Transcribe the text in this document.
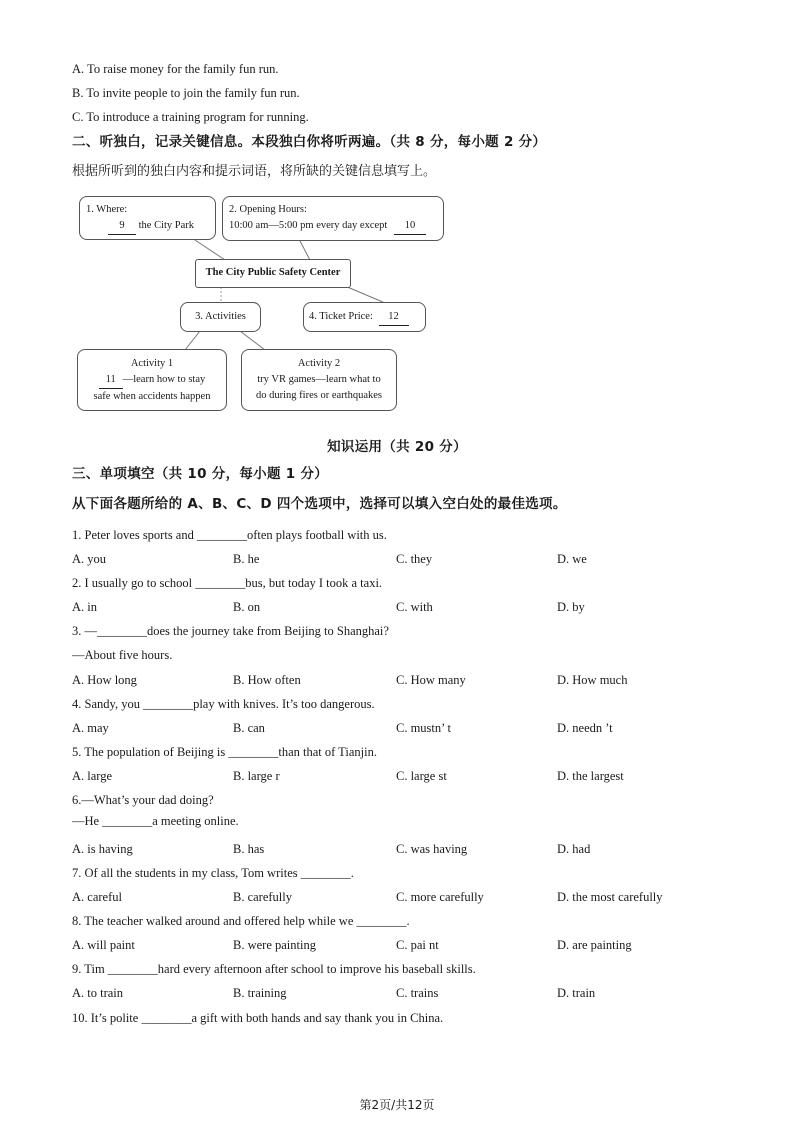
A. To raise money for the family fun run.
B. To invite people to join the family fun run.
C. To introduce a training program for running.
二、听独白，记录关键信息。本段独白你将听两遍。（共 8 分，每小题 2 分）
根据所听到的独白内容和提示词语，将所缺的关键信息填写上。
1. Where:
9 the City Park
2. Opening Hours:
10:00 am—5:00 pm every day except 10
The City Public Safety Center
3. Activities	4. Ticket Price: 12
Activity 1
11 —learn how to stay
safe when accidents happen
Activity 2
try VR games—learn what to
do during fires or earthquakes
知识运用（共 20 分）
三、单项填空（共 10 分，每小题 1 分）
从下面各题所给的 A、B、C、D 四个选项中，选择可以填入空白处的最佳选项。
1. Peter loves sports and ________often plays football with us.
A. you	B. he	C. they	D. we
2. I usually go to school ________bus, but today I took a taxi.
A. in	B. on	C. with	D. by
3. —________does the journey take from Beijing to Shanghai?
—About five hours.
A. How long	B. How often	C. How many	D. How much
4. Sandy, you ________play with knives. It’s too dangerous.
A. may	B. can	C. mustn’ t	D. needn ’t
5. The population of Beijing is ________than that of Tianjin.
A. large	B. large r	C. large st	D. the largest
6.—What’s your dad doing?
—He ________a meeting online.
A. is having	B. has	C. was having	D. had
7. Of all the students in my class, Tom writes ________.
A. careful	B. carefully	C. more carefully	D. the most carefully
8. The teacher walked around and offered help while we ________.
A. will paint	B. were painting	C. pai nt	D. are painting
9. Tim ________hard every afternoon after school to improve his baseball skills.
A. to train	B. training	C. trains	D. train
10. It’s polite ________a gift with both hands and say thank you in China.
第2页/共12页
